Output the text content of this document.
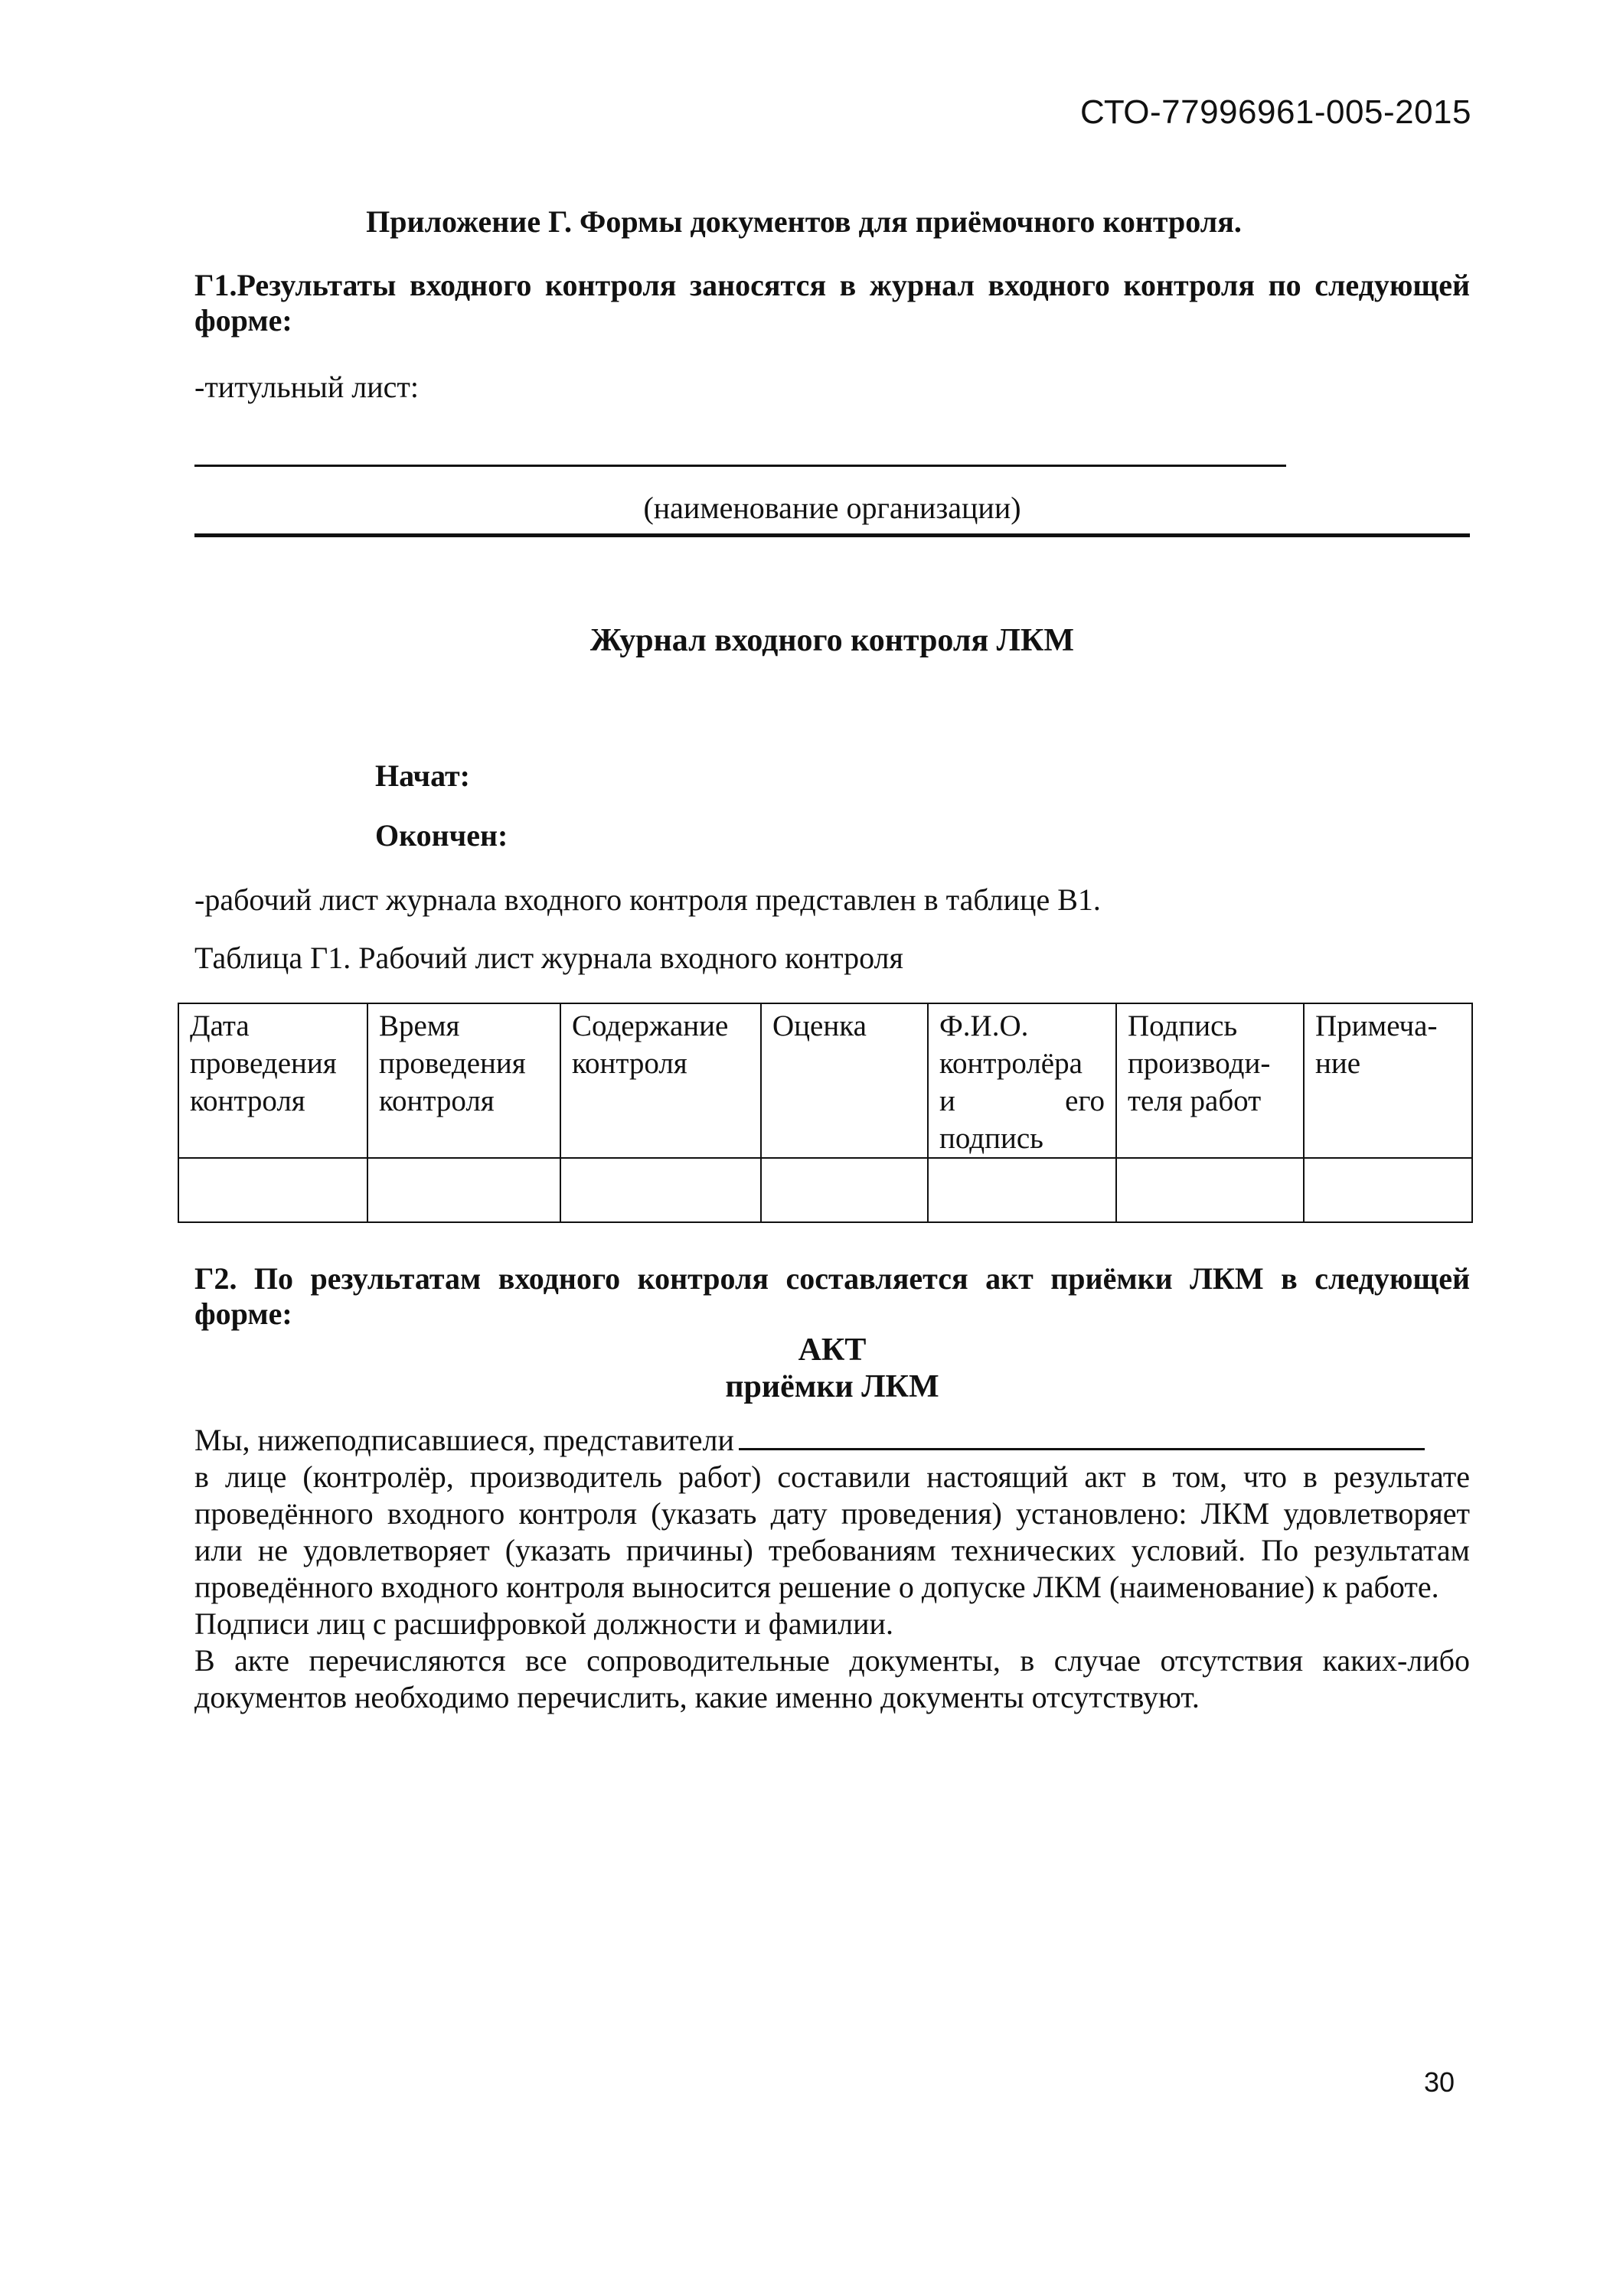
СТО-77996961-005-2015
Приложение Г. Формы документов для приёмочного контроля.
Г1.Результаты входного контроля заносятся в журнал входного контроля по следующей форме:
-титульный лист:
(наименование организации)
Журнал входного контроля ЛКМ
Начат:
Окончен:
-рабочий лист журнала входного контроля представлен в таблице В1.
Таблица Г1. Рабочий лист журнала входного контроля
Дата проведения контроля	Время проведения контроля	Содержание контроля	Оценка	Ф.И.О. контролёра и его подпись	Подпись производи- теля работ	Примеча- ние

Г2. По результатам входного контроля составляется акт приёмки ЛКМ в следующей форме:
АКТ
приёмки ЛКМ

Мы, нижеподписавшиеся, представители

в лице (контролёр, производитель работ) составили настоящий акт в том, что в результате проведённого входного контроля (указать дату проведения) установлено: ЛКМ удовлетворяет или не удовлетворяет (указать причины) требованиям технических условий. По результатам проведённого входного контроля выносится решение о допуске ЛКМ (наименование) к работе.

Подписи лиц с расшифровкой должности и фамилии.

В акте перечисляются все сопроводительные документы, в случае отсутствия каких-либо документов необходимо перечислить, какие именно документы отсутствуют.

30
